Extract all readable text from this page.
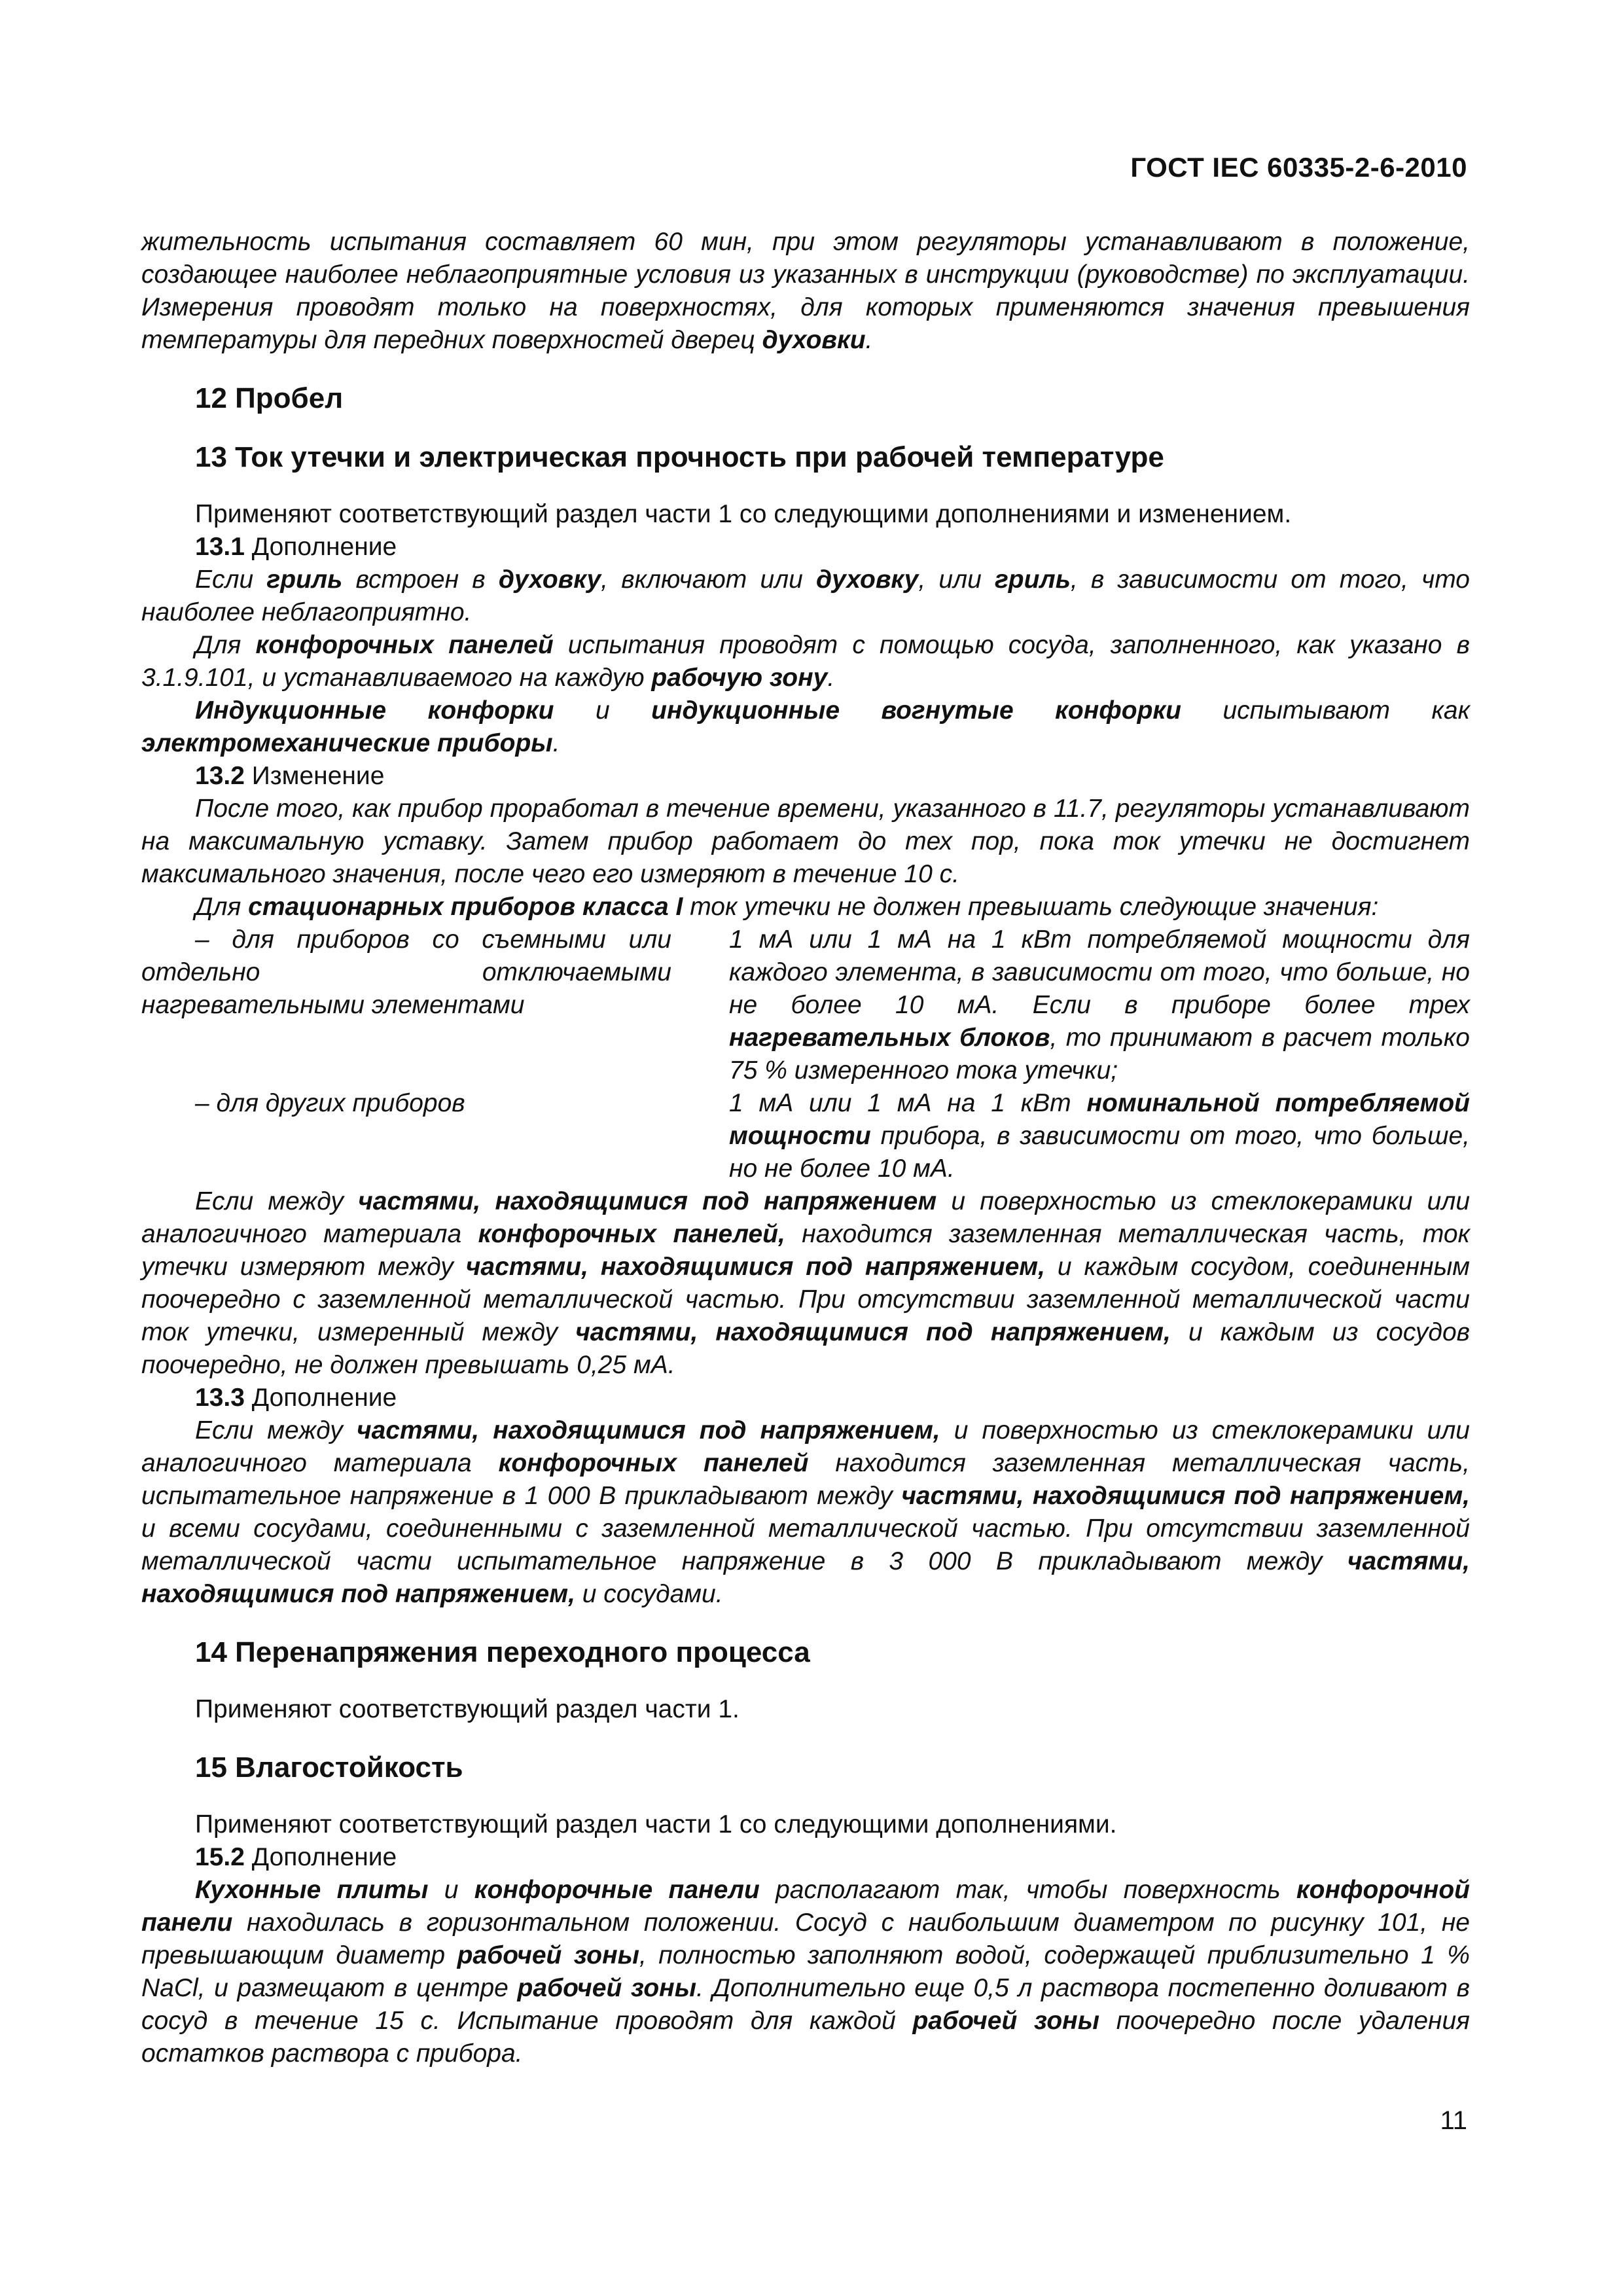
ГОСТ IEC 60335-2-6-2010

жительность испытания составляет 60 мин, при этом регуляторы устанавливают в положение, создающее наиболее неблагоприятные условия из указанных в инструкции (руководстве) по эксплуатации. Измерения проводят только на поверхностях, для которых применяются значения превышения температуры для передних поверхностей дверец духовки.

12 Пробел

13 Ток утечки и электрическая прочность при рабочей температуре

Применяют соответствующий раздел части 1 со следующими дополнениями и изменением.

13.1 Дополнение

Если гриль встроен в духовку, включают или духовку, или гриль, в зависимости от того, что наиболее неблагоприятно.

Для конфорочных панелей испытания проводят с помощью сосуда, заполненного, как указано в 3.1.9.101, и устанавливаемого на каждую рабочую зону.

Индукционные конфорки и индукционные вогнутые конфорки испытывают как электромеханические приборы.

13.2 Изменение

После того, как прибор проработал в течение времени, указанного в 11.7, регуляторы устанавливают на максимальную уставку. Затем прибор работает до тех пор, пока ток утечки не достигнет максимального значения, после чего его измеряют в течение 10 с.

Для стационарных приборов класса I ток утечки не должен превышать следующие значения:

– для приборов со съемными или отдельно отключаемыми нагревательными элементами	1 мА или 1 мА на 1 кВт потребляемой мощности для каждого элемента, в зависимости от того, что больше, но не более 10 мА. Если в приборе более трех нагревательных блоков, то принимают в расчет только 75 % измеренного тока утечки;
– для других приборов	1 мА или 1 мА на 1 кВт номинальной потребляемой мощности прибора, в зависимости от того, что больше, но не более 10 мА.

Если между частями, находящимися под напряжением и поверхностью из стеклокерамики или аналогичного материала конфорочных панелей, находится заземленная металлическая часть, ток утечки измеряют между частями, находящимися под напряжением, и каждым сосудом, соединенным поочередно с заземленной металлической частью. При отсутствии заземленной металлической части ток утечки, измеренный между частями, находящимися под напряжением, и каждым из сосудов поочередно, не должен превышать 0,25 мА.

13.3 Дополнение

Если между частями, находящимися под напряжением, и поверхностью из стеклокерамики или аналогичного материала конфорочных панелей находится заземленная металлическая часть, испытательное напряжение в 1 000 В прикладывают между частями, находящимися под напряжением, и всеми сосудами, соединенными с заземленной металлической частью. При отсутствии заземленной металлической части испытательное напряжение в 3 000 В прикладывают между частями, находящимися под напряжением, и сосудами.

14 Перенапряжения переходного процесса

Применяют соответствующий раздел части 1.

15 Влагостойкость

Применяют соответствующий раздел части 1 со следующими дополнениями.

15.2 Дополнение

Кухонные плиты и конфорочные панели располагают так, чтобы поверхность конфорочной панели находилась в горизонтальном положении. Сосуд с наибольшим диаметром по рисунку 101, не превышающим диаметр рабочей зоны, полностью заполняют водой, содержащей приблизительно 1 % NaCl, и размещают в центре рабочей зоны. Дополнительно еще 0,5 л раствора постепенно доливают в сосуд в течение 15 с. Испытание проводят для каждой рабочей зоны поочередно после удаления остатков раствора с прибора.

11
